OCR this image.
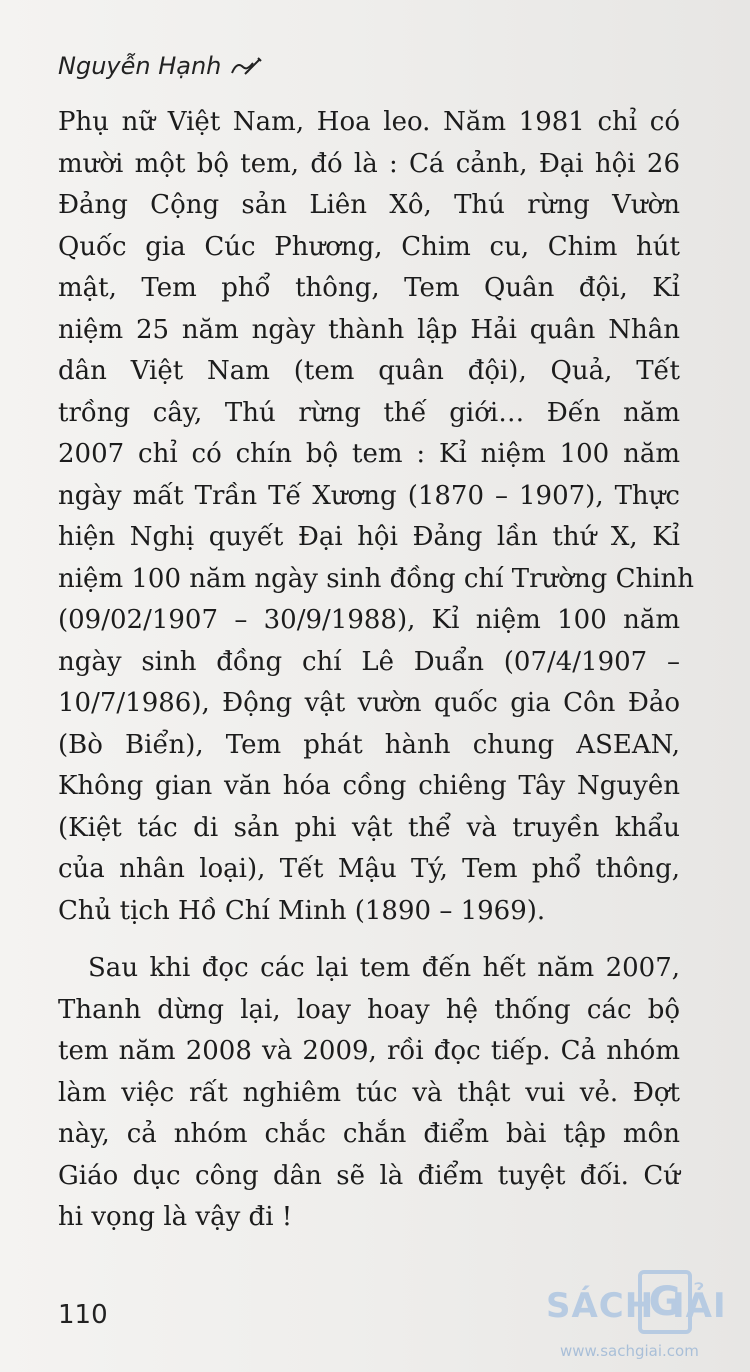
Nguyễn Hạnh
Phụ nữ Việt Nam, Hoa leo. Năm 1981 chỉ có
mười một bộ tem, đó là : Cá cảnh, Đại hội 26
Đảng Cộng sản Liên Xô, Thú rừng Vườn
Quốc gia Cúc Phương, Chim cu, Chim hút
mật, Tem phổ thông, Tem Quân đội, Kỉ
niệm 25 năm ngày thành lập Hải quân Nhân
dân Việt Nam (tem quân đội), Quả, Tết
trồng cây, Thú rừng thế giới… Đến năm
2007 chỉ có chín bộ tem : Kỉ niệm 100 năm
ngày mất Trần Tế Xương (1870 – 1907), Thực
hiện Nghị quyết Đại hội Đảng lần thứ X, Kỉ
niệm 100 năm ngày sinh đồng chí Trường Chinh
(09/02/1907 – 30/9/1988), Kỉ niệm 100 năm
ngày sinh đồng chí Lê Duẩn (07/4/1907 –
10/7/1986), Động vật vườn quốc gia Côn Đảo
(Bò Biển), Tem phát hành chung ASEAN,
Không gian văn hóa cồng chiêng Tây Nguyên
(Kiệt tác di sản phi vật thể và truyền khẩu
của nhân loại), Tết Mậu Tý, Tem phổ thông,
Chủ tịch Hồ Chí Minh (1890 – 1969).
Sau khi đọc các lại tem đến hết năm 2007,
Thanh dừng lại, loay hoay hệ thống các bộ
tem năm 2008 và 2009, rồi đọc tiếp. Cả nhóm
làm việc rất nghiêm túc và thật vui vẻ. Đợt
này, cả nhóm chắc chắn điểm bài tập môn
Giáo dục công dân sẽ là điểm tuyệt đối. Cứ
hi vọng là vậy đi !
110	SÁCH
G
IẢI
www.sachgiai.com
